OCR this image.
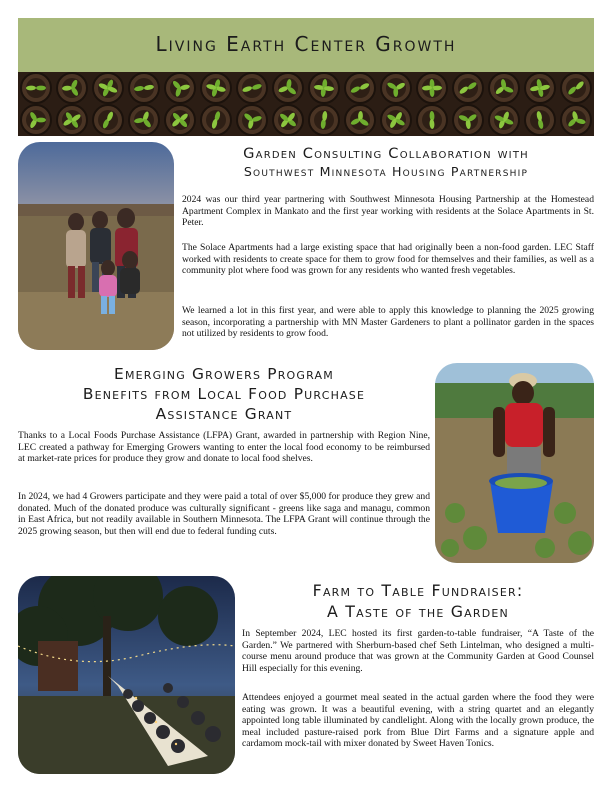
Living Earth Center Growth
Garden Consulting Collaboration with
Southwest Minnesota Housing Partnership

2024 was our third year partnering with Southwest Minnesota Housing Partnership at the Homestead Apartment Complex in Mankato and the first year working with residents at the Solace Apartments in St. Peter.

The Solace Apartments had a large existing space that had originally been a non-food garden. LEC Staff worked with residents to create space for them to grow food for themselves and their families, as well as a community plot where food was grown for any residents who wanted fresh vegetables.

We learned a lot in this first year, and were able to apply this knowledge to planning the 2025 growing season, incorporating a partnership with MN Master Gardeners to plant a pollinator garden in the spaces not utilized by residents to grow food.

Emerging Growers Program
Benefits from Local Food Purchase
Assistance Grant

Thanks to a Local Foods Purchase Assistance (LFPA) Grant, awarded in partnership with Region Nine, LEC created a pathway for Emerging Growers wanting to enter the local food economy to be reimbursed at market-rate prices for produce they grow and donate to local food shelves.

In 2024, we had 4 Growers participate and they were paid a total of over $5,000 for produce they grew and donated. Much of the donated produce was culturally significant - greens like saga and managu, common in East Africa, but not readily available in Southern Minnesota. The LFPA Grant will continue through the 2025 growing season, but then will end due to federal funding cuts.

Farm to Table Fundraiser:
A Taste of the Garden

In September 2024, LEC hosted its first garden-to-table fundraiser, “A Taste of the Garden.” We partnered with Sherburn-based chef Seth Lintelman, who designed a multi-course menu around produce that was grown at the Community Garden at Good Counsel Hill especially for this evening.

Attendees enjoyed a gourmet meal seated in the actual garden where the food they were eating was grown. It was a beautiful evening, with a string quartet and an elegantly appointed long table illuminated by candlelight. Along with the locally grown produce, the meal included pasture-raised pork from Blue Dirt Farms and a signature apple and cardamom mock-tail with mixer donated by Sweet Haven Tonics.
